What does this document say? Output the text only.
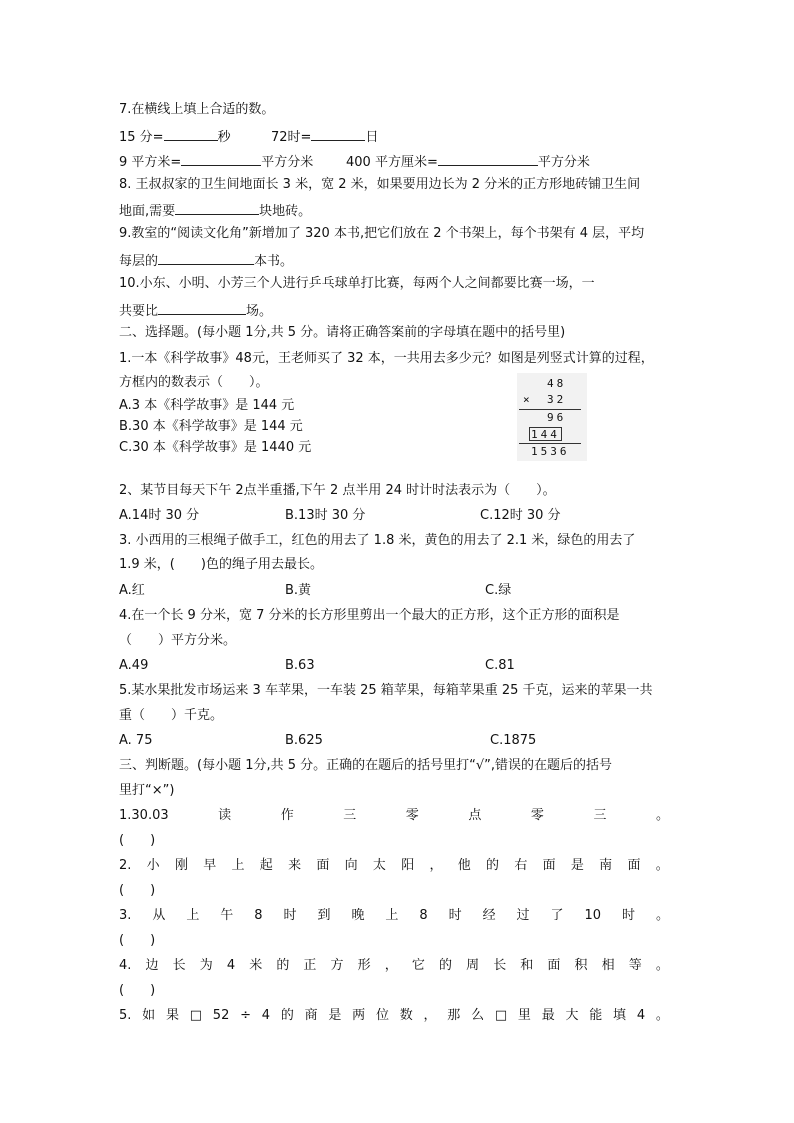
7.在横线上填上合适的数。
15 分=	秒	72时=	日
9 平方米=	平方分米	400 平方厘米=	平方分米
8. 王叔叔家的卫生间地面长 3 米，宽 2 米，如果要用边长为 2 分米的正方形地砖铺卫生间
地面,需要	块地砖。
9.教室的“阅读文化角”新增加了 320 本书,把它们放在 2 个书架上，每个书架有 4 层，平均
每层的	本书。
10.小东、小明、小芳三个人进行乒乓球单打比赛，每两个人之间都要比赛一场，一
共要比	场。
二、选择题。(每小题 1分,共 5 分。请将正确答案前的字母填在题中的括号里)
1.一本《科学故事》48元，王老师买了 32 本，一共用去多少元？如图是列竖式计算的过程，
方框内的数表示（　　）。
A.3 本《科学故事》是 144 元
B.30 本《科学故事》是 144 元
C.30 本《科学故事》是 1440 元
48
× 32
96
144
1536
2、某节目每天下午 2点半重播,下午 2 点半用 24 时计时法表示为（　　）。
A.14时 30 分	B.13时 30 分	C.12时 30 分
3. 小西用的三根绳子做手工，红色的用去了 1.8 米，黄色的用去了 2.1 米，绿色的用去了
1.9 米，(　　)色的绳子用去最长。
A.红	B.黄	C.绿
4.在一个长 9 分米，宽 7 分米的长方形里剪出一个最大的正方形，这个正方形的面积是
（　　）平方分米。
A.49	B.63	C.81
5.某水果批发市场运来 3 车苹果，一车装 25 箱苹果，每箱苹果重 25 千克，运来的苹果一共
重（　　）千克。
A. 75	B.625	C.1875
三、判断题。(每小题 1分,共 5 分。正确的在题后的括号里打“√”,错误的在题后的括号
里打“×”)
1.30.03	读	作	三	零	点	零	三	。
(　　)
2. 小 刚 早 上 起 来 面 向 太 阳 ， 他 的 右 面 是 南 面 。
(　　)
3. 从 上 午 8 时 到 晚 上 8 时 经 过 了 10 时 。
(　　)
4. 边 长 为 4 米 的 正 方 形 ， 它 的 周 长 和 面 积 相 等 。
(　　)
5. 如 果 □ 52 ÷ 4 的 商 是 两 位 数 ， 那 么 □ 里 最 大 能 填 4 。
